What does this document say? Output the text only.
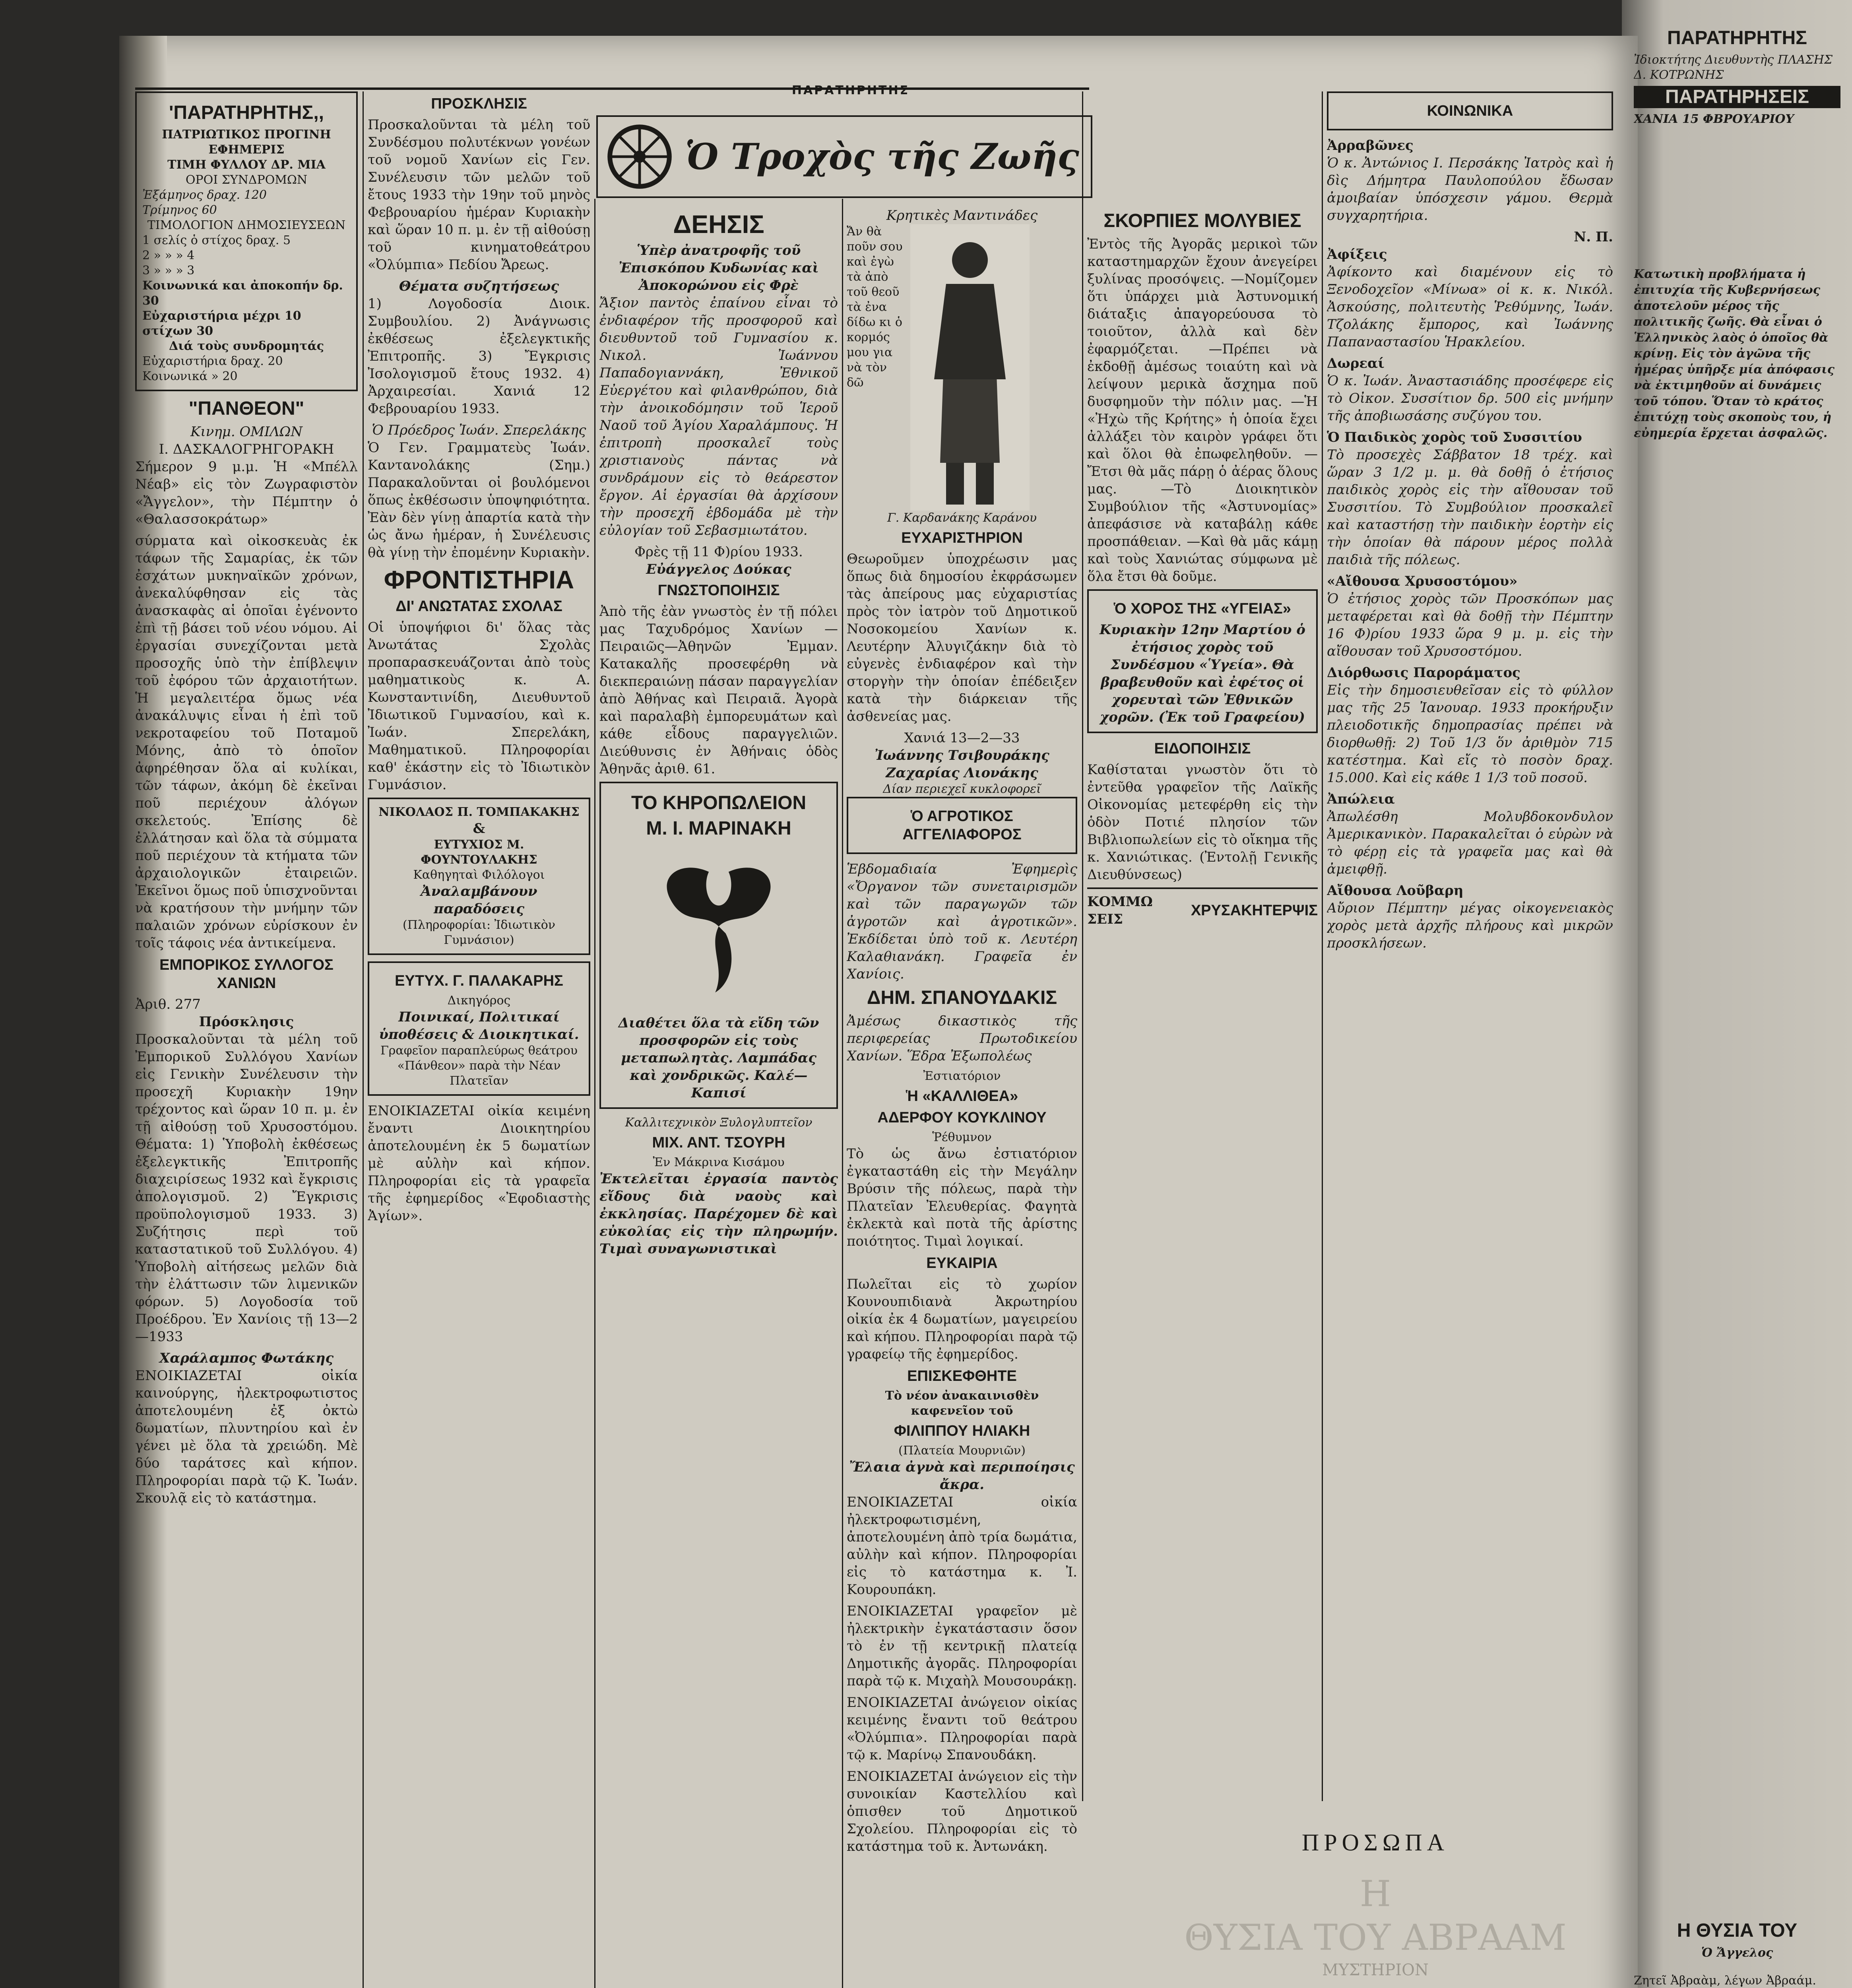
ΠΑΡΑΤΗΡΗΤΗΣ
Ὁ Τροχὸς τῆς Ζωῆς
'ΠΑΡΑΤΗΡΗΤΗΣ,,
ΠΑΤΡΙΩΤΙΚΟΣ ΠΡΟΓΙΝΗ ΕΦΗΜΕΡΙΣ
ΤΙΜΗ ΦΥΛΛΟΥ ΔΡ. ΜΙΑ
ΟΡΟΙ ΣΥΝΔΡΟΜΩΝ
Ἐξάμηνος δραχ. 120
Τρίμηνος 60
ΤΙΜΟΛΟΓΙΟΝ ΔΗΜΟΣΙΕΥΣΕΩΝ
1 σελίς ὁ στίχος δραχ. 5
2 » » » 4
3 » » » 3
Κοινωνικά και ἀποκοπήν δρ. 30
Εὐχαριστήρια μέχρι 10 στίχων 30
Διά τοὺς συνδρομητάς
Εὐχαριστήρια δραχ. 20
Κοινωνικά » 20
"ΠΑΝΘΕΟΝ"
Κινημ. ΟΜΙΛΩΝ
Ι. ΔΑΣΚΑΛΟΓΡΗΓΟΡΑΚΗ

Σήμερον 9 μ.μ. Ἡ «Μπέλλ Νέαβ» εἰς τὸν Ζωγραφιστὸν «Ἄγγελον», τὴν Πέμπτην ὁ «Θαλασσοκράτωρ»

σύρματα καὶ οἰκοσκευὰς ἐκ τάφων τῆς Σαμαρίας, ἐκ τῶν ἐσχάτων μυκηναϊκῶν χρόνων, ἀνεκαλύφθησαν εἰς τὰς ἀνασκαφὰς αἱ ὁποῖαι ἐγένοντο ἐπὶ τῇ βάσει τοῦ νέου νόμου. Αἱ ἐργασίαι συνεχίζονται μετὰ προσοχῆς ὑπὸ τὴν ἐπίβλεψιν τοῦ ἐφόρου τῶν ἀρχαιοτήτων. Ἡ μεγαλειτέρα ὅμως νέα ἀνακάλυψις εἶναι ἡ ἐπὶ τοῦ νεκροταφείου τοῦ Ποταμοῦ Μόνης, ἀπὸ τὸ ὁποῖον ἀφηρέθησαν ὅλα αἱ κυλίκαι, τῶν τάφων, ἀκόμη δὲ ἐκεῖναι ποῦ περιέχουν ἀλόγων σκελετούς. Ἐπίσης δὲ ἐλλάτησαν καὶ ὅλα τὰ σύμματα ποῦ περιέχουν τὰ κτήματα τῶν ἀρχαιολογικῶν ἐταιρειῶν. Ἐκεῖνοι ὅμως ποῦ ὑπισχνοῦνται νὰ κρατήσουν τὴν μνήμην τῶν παλαιῶν χρόνων εὑρίσκουν ἐν τοῖς τάφοις νέα ἀντικείμενα.

ΕΜΠΟΡΙΚΟΣ ΣΥΛΛΟΓΟΣ ΧΑΝΙΩΝ
Ἀριθ. 277
Πρόσκλησις

Προσκαλοῦνται τὰ μέλη τοῦ Ἐμπορικοῦ Συλλόγου Χανίων εἰς Γενικὴν Συνέλευσιν τὴν προσεχῆ Κυριακὴν 19ην τρέχοντος καὶ ὥραν 10 π. μ. ἐν τῇ αἰθούσῃ τοῦ Χρυσοστόμου. Θέματα: 1) Ὑποβολὴ ἐκθέσεως ἐξελεγκτικῆς Ἐπιτροπῆς διαχειρίσεως 1932 καὶ ἔγκρισις ἀπολογισμοῦ. 2) Ἔγκρισις προϋπολογισμοῦ 1933. 3) Συζήτησις περὶ τοῦ καταστατικοῦ τοῦ Συλλόγου. 4) Ὑποβολὴ αἰτήσεως μελῶν διὰ τὴν ἐλάττωσιν τῶν λιμενικῶν φόρων. 5) Λογοδοσία τοῦ Προέδρου. Ἐν Χανίοις τῇ 13—2—1933

Χαράλαμπος Φωτάκης

ΕΝΟΙΚΙΑΖΕΤΑΙ οἰκία καινούργης, ἠλεκτροφωτιστος ἀποτελουμένη ἐξ ὀκτὼ δωματίων, πλυντηρίου καὶ ἐν γένει μὲ ὅλα τὰ χρειώδη. Μὲ δύο ταράτσες καὶ κήπον. Πληροφορίαι παρὰ τῷ Κ. Ἰωάν. Σκουλᾷ εἰς τὸ κατάστημα.

ΠΡΟΣΚΛΗΣΙΣ

Προσκαλοῦνται τὰ μέλη τοῦ Συνδέσμου πολυτέκνων γονέων τοῦ νομοῦ Χανίων εἰς Γεν. Συνέλευσιν τῶν μελῶν τοῦ ἔτους 1933 τὴν 19ην τοῦ μηνὸς Φεβρουαρίου ἡμέραν Κυριακὴν καὶ ὥραν 10 π. μ. ἐν τῇ αἰθούσῃ τοῦ κινηματοθεάτρου «Ὀλύμπια» Πεδίου Ἄρεως.

Θέματα συζητήσεως

1) Λογοδοσία Διοικ. Συμβουλίου. 2) Ἀνάγνωσις ἐκθέσεως ἐξελεγκτικῆς Ἐπιτροπῆς. 3) Ἔγκρισις Ἰσολογισμοῦ ἔτους 1932. 4) Ἀρχαιρεσίαι. Χανιά 12 Φεβρουαρίου 1933.

Ὁ Πρόεδρος Ἰωάν. Σπερελάκης

Ὁ Γεν. Γραμματεὺς Ἰωάν. Καντανολάκης (Σημ.) Παρακαλοῦνται οἱ βουλόμενοι ὅπως ἐκθέσωσιν ὑποψηφιότητα. Ἐὰν δὲν γίνῃ ἀπαρτία κατὰ τὴν ὡς ἄνω ἡμέραν, ἡ Συνέλευσις θὰ γίνῃ τὴν ἐπομένην Κυριακὴν.

ΦΡΟΝΤΙΣΤΗΡΙΑ
ΔΙ' ΑΝΩΤΑΤΑΣ ΣΧΟΛΑΣ

Οἱ ὑποψήφιοι δι' ὅλας τὰς Ἀνωτάτας Σχολὰς προπαρασκευάζονται ἀπὸ τοὺς μαθηματικοὺς κ. Α. Κωνσταντινίδη, Διευθυντοῦ Ἰδιωτικοῦ Γυμνασίου, καὶ κ. Ἰωάν. Σπερελάκη, Μαθηματικοῦ. Πληροφορίαι καθ' ἑκάστην εἰς τὸ Ἰδιωτικὸν Γυμνάσιον.

ΝΙΚΟΛΑΟΣ Π. ΤΟΜΠΑΚΑΚΗΣ
&
ΕΥΤΥΧΙΟΣ Μ. ΦΟΥΝΤΟΥΛΑΚΗΣ
Καθηγηταὶ Φιλόλογοι
Ἀναλαμβάνουν παραδόσεις
(Πληροφορίαι: Ἰδιωτικὸν Γυμνάσιον)
ΕΥΤΥΧ. Γ. ΠΑΛΑΚΑΡΗΣ
Δικηγόρος
Ποινικαί, Πολιτικαί ὑποθέσεις & Διοικητικαί.
Γραφεῖον παραπλεύρως θεάτρου «Πάνθεον» παρὰ τὴν Νέαν Πλατεῖαν

ΕΝΟΙΚΙΑΖΕΤΑΙ οἰκία κειμένη ἔναντι Διοικητηρίου ἀποτελουμένη ἐκ 5 δωματίων μὲ αὐλὴν καὶ κήπον. Πληροφορίαι εἰς τὰ γραφεῖα τῆς ἐφημερίδος «Ἐφοδιαστὴς Ἀγίων».

ΔΕΗΣΙΣ
Ὑπὲρ ἀνατροφῆς τοῦ Ἐπισκόπου Κυδωνίας καὶ Ἀποκορώνου εἰς Φρὲ

Ἄξιον παντὸς ἐπαίνου εἶναι τὸ ἐνδιαφέρον τῆς προσφοροῦ καὶ διευθυντοῦ τοῦ Γυμνασίου κ. Νικολ. Ἰωάννου Παπαδογιαννάκη, Ἐθνικοῦ Εὐεργέτου καὶ φιλανθρώπου, διὰ τὴν ἀνοικοδόμησιν τοῦ Ἱεροῦ Ναοῦ τοῦ Ἁγίου Χαραλάμπους. Ἡ ἐπιτροπὴ προσκαλεῖ τοὺς χριστιανοὺς πάντας νὰ συνδράμουν εἰς τὸ θεάρεστον ἔργον. Αἱ ἐργασίαι θὰ ἀρχίσουν τὴν προσεχῆ ἑβδομάδα μὲ τὴν εὐλογίαν τοῦ Σεβασμιωτάτου.

Φρὲς τῇ 11 Φ)ρίου 1933.
Εὐάγγελος Δούκας
ΓΝΩΣΤΟΠΟΙΗΣΙΣ

Ἀπὸ τῆς ἐὰν γνωστὸς ἐν τῇ πόλει μας Ταχυδρόμος Χανίων —Πειραιῶς—Ἀθηνῶν Ἐμμαν. Κατακαλῆς προσεφέρθη νὰ διεκπεραιώνῃ πάσαν παραγγελίαν ἀπὸ Ἀθήνας καὶ Πειραιᾶ. Ἀγορὰ καὶ παραλαβὴ ἐμπορευμάτων καὶ κάθε εἶδους παραγγελιῶν. Διεύθυνσις ἐν Ἀθήναις ὁδὸς Ἀθηνᾶς ἀριθ. 61.

ΤΟ ΚΗΡΟΠΩΛΕΙΟΝ
Μ. Ι. ΜΑΡΙΝΑΚΗ
Διαθέτει ὅλα τὰ εἴδη τῶν προσφορῶν εἰς τοὺς μεταπωλητὰς. Λαμπάδας καὶ χονδρικῶς. Καλέ—Καπισί
Καλλιτεχνικὸν Ξυλογλυπτεῖον
ΜΙΧ. ΑΝΤ. ΤΣΟΥΡΗ
Ἐν Μάκρινα Κισάμου

Ἐκτελεῖται ἐργασία παντὸς εἴδους διὰ ναοὺς καὶ ἐκκλησίας. Παρέχομεν δὲ καὶ εὐκολίας εἰς τὴν πληρωμήν. Τιμαὶ συναγωνιστικαὶ

Κρητικὲς Μαντινάδες
Ἄν θὰ ποῦν σου καὶ ἐγὼ τὰ ἀπὸ τοῦ θεοῦ τὰ ἐνα δίδω κι ὁ κορμός μου για νὰ τὸν δῶ
Γ. Καρδανάκης Καράνου
ΕΥΧΑΡΙΣΤΗΡΙΟΝ

Θεωροῦμεν ὑποχρέωσιν μας ὅπως διὰ δημοσίου ἐκφράσωμεν τὰς ἀπείρους μας εὐχαριστίας πρὸς τὸν ἰατρὸν τοῦ Δημοτικοῦ Νοσοκομείου Χανίων κ. Λευτέρην Ἀλυγιζάκην διὰ τὸ εὐγενὲς ἐνδιαφέρον καὶ τὴν στοργὴν τὴν ὁποίαν ἐπέδειξεν κατὰ τὴν διάρκειαν τῆς ἀσθενείας μας.

Χανιά 13—2—33
Ἰωάννης Τσιβουράκης Ζαχαρίας Λιονάκης
Δίαν περιεχεῖ κυκλοφορεῖ
Ὁ ΑΓΡΟΤΙΚΟΣ ΑΓΓΕΛΙΑΦΟΡΟΣ

Ἑβδομαδιαία Ἐφημερὶς «Ὄργανον τῶν συνεταιρισμῶν καὶ τῶν παραγωγῶν τῶν ἀγροτῶν καὶ ἀγροτικῶν». Ἐκδίδεται ὑπὸ τοῦ κ. Λευτέρη Καλαθιανάκη. Γραφεῖα ἐν Χανίοις.

ΔΗΜ. ΣΠΑΝΟΥΔΑΚΙΣ

Ἀμέσως δικαστικὸς τῆς περιφερείας Πρωτοδικείου Χανίων. Ἕδρα Ἐξωπολέως

Ἐστιατόριον
Ἡ «ΚΑΛΛΙΘΕΑ»
ΑΔΕΡΦΟΥ ΚΟΥΚΛΙΝΟΥ
Ῥέθυμνον

Τὸ ὡς ἄνω ἐστιατόριον ἐγκαταστάθη εἰς τὴν Μεγάλην Βρύσιν τῆς πόλεως, παρὰ τὴν Πλατεῖαν Ἐλευθερίας. Φαγητὰ ἐκλεκτὰ καὶ ποτὰ τῆς ἀρίστης ποιότητος. Τιμαὶ λογικαί.

ΕΥΚΑΙΡΙΑ

Πωλεῖται εἰς τὸ χωρίον Κουνουπιδιανὰ Ἀκρωτηρίου οἰκία ἐκ 4 δωματίων, μαγειρείου καὶ κήπου. Πληροφορίαι παρὰ τῷ γραφείῳ τῆς ἐφημερίδος.

ΕΠΙΣΚΕΦΘΗΤΕ
Τὸ νέον ἀνακαινισθὲν καφενεῖον τοῦ
ΦΙΛΙΠΠΟΥ ΗΛΙΑΚΗ
(Πλατεία Μουρνιῶν)
Ἔλαια ἀγνὰ καὶ περιποίησις ἄκρα.

ΕΝΟΙΚΙΑΖΕΤΑΙ οἰκία ἠλεκτροφωτισμένη, ἀποτελουμένη ἀπὸ τρία δωμάτια, αὐλὴν καὶ κήπον. Πληροφορίαι εἰς τὸ κατάστημα κ. Ἰ. Κουρουπάκη.

ΕΝΟΙΚΙΑΖΕΤΑΙ γραφεῖον μὲ ἠλεκτρικὴν ἐγκατάστασιν ὅσον τὸ ἐν τῇ κεντρικῇ πλατείᾳ Δημοτικῆς ἀγορᾶς. Πληροφορίαι παρὰ τῷ κ. Μιχαὴλ Μουσουράκῃ.

ΕΝΟΙΚΙΑΖΕΤΑΙ ἀνώγειον οἰκίας κειμένης ἔναντι τοῦ θεάτρου «Ὀλύμπια». Πληροφορίαι παρὰ τῷ κ. Μαρίνῳ Σπανουδάκη.

ΕΝΟΙΚΙΑΖΕΤΑΙ ἀνώγειον εἰς τὴν συνοικίαν Καστελλίου καὶ ὁπισθεν τοῦ Δημοτικοῦ Σχολείου. Πληροφορίαι εἰς τὸ κατάστημα τοῦ κ. Ἀντωνάκη.

ΣΚΟΡΠΙΕΣ ΜΟΛΥΒΙΕΣ

Ἐντὸς τῆς Ἀγορᾶς μερικοὶ τῶν καταστημαρχῶν ἔχουν ἀνεγείρει ξυλίνας προσόψεις. —Νομίζομεν ὅτι ὑπάρχει μιὰ Ἀστυνομική διάταξις ἀπαγορεύουσα τὸ τοιοῦτον, ἀλλὰ καὶ δὲν ἐφαρμόζεται. —Πρέπει νὰ ἐκδοθῇ ἀμέσως τοιαύτη καὶ νὰ λείψουν μερικὰ ἄσχημα ποῦ δυσφημοῦν τὴν πόλιν μας. —Ἡ «Ἠχὼ τῆς Κρήτης» ἡ ὁποία ἔχει ἀλλάξει τὸν καιρὸν γράφει ὅτι καὶ ὅλοι θὰ ἐπωφεληθοῦν. —Ἔτσι θὰ μᾶς πάρῃ ὁ ἀέρας ὅλους μας. —Τὸ Διοικητικὸν Συμβούλιον τῆς «Ἀστυνομίας» ἀπεφάσισε νὰ καταβάλῃ κάθε προσπάθειαν. —Καὶ θὰ μᾶς κάμῃ καὶ τοὺς Χανιώτας σύμφωνα μὲ ὅλα ἔτσι θὰ δοῦμε.

Ὁ ΧΟΡΟΣ ΤΗΣ «ΥΓΕΙΑΣ»
Κυριακὴν 12ην Μαρτίου ὁ ἐτήσιος χορὸς τοῦ Συνδέσμου «Ὑγεία». Θὰ βραβευθοῦν καὶ ἐφέτος οἱ χορευταὶ τῶν Ἐθνικῶν χορῶν. (Ἐκ τοῦ Γραφείου)
ΕΙΔΟΠΟΙΗΣΙΣ

Καθίσταται γνωστὸν ὅτι τὸ ἐντεῦθα γραφεῖον τῆς Λαϊκῆς Οἰκονομίας μετεφέρθη εἰς τὴν ὁδὸν Ποτιέ πλησίον τῶν Βιβλιοπωλείων εἰς τὸ οἴκημα τῆς κ. Χανιώτικας. (Ἐντολῇ Γενικῆς Διευθύνσεως)

ΚΟΜΜΩ ΣΕΙΣ
ΧΡΥΣΑΚΗ ΤΕΡΨΙΣ
ΚΟΙΝΩΝΙΚΑ
Ἀρραβῶνες

Ὁ κ. Ἀντώνιος Ι. Περσάκης Ἰατρὸς καὶ ἡ δὶς Δήμητρα Παυλοπούλου ἔδωσαν ἀμοιβαίαν ὑπόσχεσιν γάμου. Θερμὰ συγχαρητήρια.

Ν. Π.
Ἀφίξεις

Ἀφίκοντο καὶ διαμένουν εἰς τὸ Ξενοδοχεῖον «Μίνωα» οἱ κ. κ. Νικόλ. Ἀσκούσης, πολιτευτὴς Ῥεθύμνης, Ἰωάν. Τζολάκης ἔμπορος, καὶ Ἰωάννης Παπαναστασίου Ἡρακλείου.

Δωρεαί

Ὁ κ. Ἰωάν. Ἀναστασιάδης προσέφερε εἰς τὸ Οἰκον. Συσσίτιον δρ. 500 εἰς μνήμην τῆς ἀποβιωσάσης συζύγου του.

Ὁ Παιδικὸς χορὸς τοῦ Συσσιτίου

Τὸ προσεχὲς Σάββατον 18 τρέχ. καὶ ὥραν 3 1/2 μ. μ. θὰ δοθῇ ὁ ἐτήσιος παιδικὸς χορὸς εἰς τὴν αἴθουσαν τοῦ Συσσιτίου. Τὸ Συμβούλιον προσκαλεῖ καὶ καταστήσῃ τὴν παιδικὴν ἑορτὴν εἰς τὴν ὁποίαν θὰ πάρουν μέρος πολλὰ παιδιὰ τῆς πόλεως.

«Αἴθουσα Χρυσοστόμου»

Ὁ ἐτήσιος χορὸς τῶν Προσκόπων μας μεταφέρεται καὶ θὰ δοθῇ τὴν Πέμπτην 16 Φ)ρίου 1933 ὥρα 9 μ. μ. εἰς τὴν αἴθουσαν τοῦ Χρυσοστόμου.

Διόρθωσις Παροράματος

Εἰς τὴν δημοσιευθεῖσαν εἰς τὸ φύλλον μας τῆς 25 Ἰανουαρ. 1933 προκήρυξιν πλειοδοτικῆς δημοπρασίας πρέπει νὰ διορθωθῇ: 2) Τοῦ 1/3 ὅν ἀριθμὸν 715 κατέστημα. Καὶ εἴς τὸ ποσὸν δραχ. 15.000. Καὶ εἰς κάθε 1 1/3 τοῦ ποσοῦ.

Ἀπώλεια

Ἀπωλέσθη Μολυβδοκονδυλον Ἀμερικανικὸν. Παρακαλεῖται ὁ εὑρὼν νὰ τὸ φέρῃ εἰς τὰ γραφεῖα μας καὶ θὰ ἀμειφθῇ.

Αἴθουσα Λοῦβαρη

Αὔριον Πέμπτην μέγας οἰκογενειακὸς χορὸς μετὰ ἀρχῆς πλήρους καὶ μικρῶν προσκλήσεων.

ΠΡΟΣΩΠΑ
Η
ΘΥΣΙΑ ΤΟΥ ΑΒΡΑΑΜ
ΜΥΣΤΗΡΙΟΝ

ΠΑΡΑΤΗΡΗΤΗΣ
Ἰδιοκτήτης Διευθυντὴς ΠΛΑΣΗΣ Δ. ΚΟΤΡΩΝΗΣ
ΠΑΡΑΤΗΡΗΣΕΙΣ
ΧΑΝΙΑ 15 ΦΒΡΟΥΑΡΙΟΥ

Κατωτικὴ προβλήματα ἡ ἐπιτυχία τῆς Κυβερνήσεως ἀποτελοῦν μέρος τῆς πολιτικῆς ζωῆς. Θὰ εἶναι ὁ Ἑλληνικὸς λαὸς ὁ ὁποῖος θὰ κρίνῃ. Εἰς τὸν ἀγῶνα τῆς ἡμέρας ὑπῆρξε μία ἀπόφασις νὰ ἐκτιμηθοῦν αἱ δυνάμεις τοῦ τόπου. Ὅταν τὸ κράτος ἐπιτύχῃ τοὺς σκοποὺς του, ἡ εὐημερία ἔρχεται ἀσφαλῶς.

Η ΘΥΣΙΑ ΤΟΥ
Ὁ Ἄγγελος

Ζητεῖ Ἀβραὰμ, λέγων Ἀβραάμ.
